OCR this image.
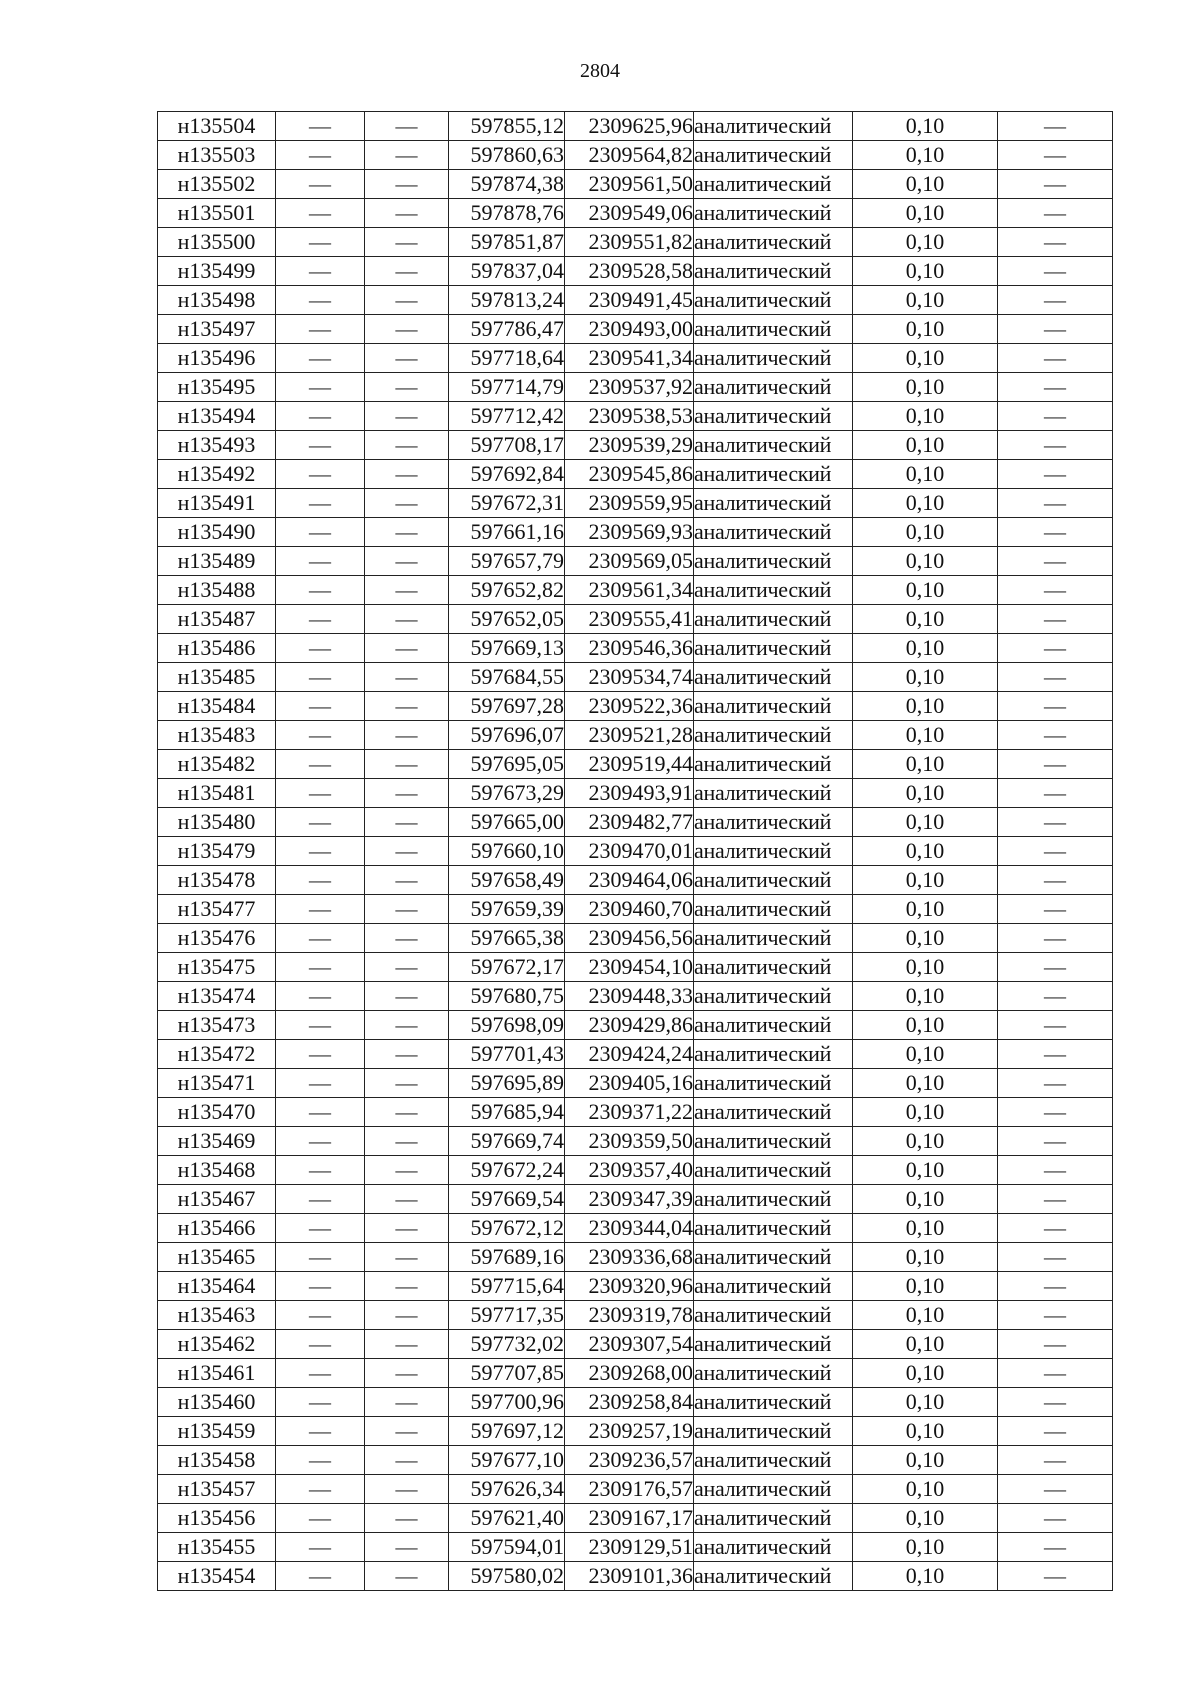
2804
н135504	—	—	597855,12	2309625,96	аналитический	0,10	—
н135503	—	—	597860,63	2309564,82	аналитический	0,10	—
н135502	—	—	597874,38	2309561,50	аналитический	0,10	—
н135501	—	—	597878,76	2309549,06	аналитический	0,10	—
н135500	—	—	597851,87	2309551,82	аналитический	0,10	—
н135499	—	—	597837,04	2309528,58	аналитический	0,10	—
н135498	—	—	597813,24	2309491,45	аналитический	0,10	—
н135497	—	—	597786,47	2309493,00	аналитический	0,10	—
н135496	—	—	597718,64	2309541,34	аналитический	0,10	—
н135495	—	—	597714,79	2309537,92	аналитический	0,10	—
н135494	—	—	597712,42	2309538,53	аналитический	0,10	—
н135493	—	—	597708,17	2309539,29	аналитический	0,10	—
н135492	—	—	597692,84	2309545,86	аналитический	0,10	—
н135491	—	—	597672,31	2309559,95	аналитический	0,10	—
н135490	—	—	597661,16	2309569,93	аналитический	0,10	—
н135489	—	—	597657,79	2309569,05	аналитический	0,10	—
н135488	—	—	597652,82	2309561,34	аналитический	0,10	—
н135487	—	—	597652,05	2309555,41	аналитический	0,10	—
н135486	—	—	597669,13	2309546,36	аналитический	0,10	—
н135485	—	—	597684,55	2309534,74	аналитический	0,10	—
н135484	—	—	597697,28	2309522,36	аналитический	0,10	—
н135483	—	—	597696,07	2309521,28	аналитический	0,10	—
н135482	—	—	597695,05	2309519,44	аналитический	0,10	—
н135481	—	—	597673,29	2309493,91	аналитический	0,10	—
н135480	—	—	597665,00	2309482,77	аналитический	0,10	—
н135479	—	—	597660,10	2309470,01	аналитический	0,10	—
н135478	—	—	597658,49	2309464,06	аналитический	0,10	—
н135477	—	—	597659,39	2309460,70	аналитический	0,10	—
н135476	—	—	597665,38	2309456,56	аналитический	0,10	—
н135475	—	—	597672,17	2309454,10	аналитический	0,10	—
н135474	—	—	597680,75	2309448,33	аналитический	0,10	—
н135473	—	—	597698,09	2309429,86	аналитический	0,10	—
н135472	—	—	597701,43	2309424,24	аналитический	0,10	—
н135471	—	—	597695,89	2309405,16	аналитический	0,10	—
н135470	—	—	597685,94	2309371,22	аналитический	0,10	—
н135469	—	—	597669,74	2309359,50	аналитический	0,10	—
н135468	—	—	597672,24	2309357,40	аналитический	0,10	—
н135467	—	—	597669,54	2309347,39	аналитический	0,10	—
н135466	—	—	597672,12	2309344,04	аналитический	0,10	—
н135465	—	—	597689,16	2309336,68	аналитический	0,10	—
н135464	—	—	597715,64	2309320,96	аналитический	0,10	—
н135463	—	—	597717,35	2309319,78	аналитический	0,10	—
н135462	—	—	597732,02	2309307,54	аналитический	0,10	—
н135461	—	—	597707,85	2309268,00	аналитический	0,10	—
н135460	—	—	597700,96	2309258,84	аналитический	0,10	—
н135459	—	—	597697,12	2309257,19	аналитический	0,10	—
н135458	—	—	597677,10	2309236,57	аналитический	0,10	—
н135457	—	—	597626,34	2309176,57	аналитический	0,10	—
н135456	—	—	597621,40	2309167,17	аналитический	0,10	—
н135455	—	—	597594,01	2309129,51	аналитический	0,10	—
н135454	—	—	597580,02	2309101,36	аналитический	0,10	—
